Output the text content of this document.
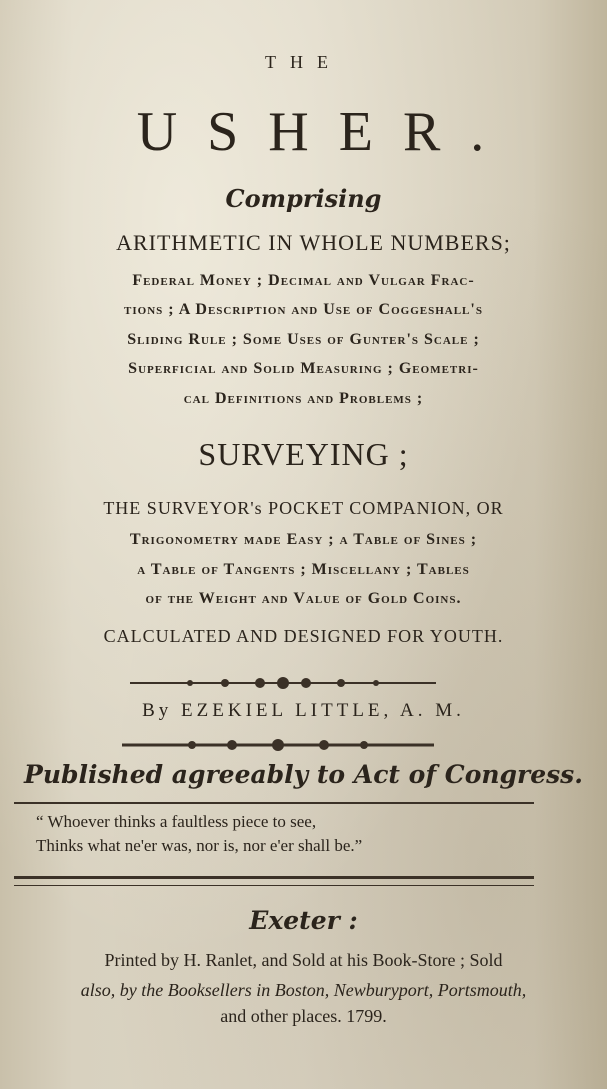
THE
USHER.
Comprising
ARITHMETIC IN WHOLE NUMBERS;
Federal Money ; Decimal and Vulgar Frac-
tions ; A Description and Use of Coggeshall's
Sliding Rule ; Some Uses of Gunter's Scale ;
Superficial and Solid Measuring ; Geometri-
cal Definitions and Problems ;
SURVEYING ;
THE SURVEYOR's POCKET COMPANION, OR
Trigonometry made Easy ; a Table of Sines ;
a Table of Tangents ; Miscellany ; Tables
of the Weight and Value of Gold Coins.
CALCULATED AND DESIGNED FOR YOUTH.
By EZEKIEL LITTLE, A. M.
Published agreeably to Act of Congress.
“ Whoever thinks a faultless piece to see,
Thinks what ne'er was, nor is, nor e'er shall be.”
Exeter :
Printed by H. Ranlet, and Sold at his Book-Store ; Sold
also, by the Booksellers in Boston, Newburyport, Portsmouth,
and other places. 1799.
